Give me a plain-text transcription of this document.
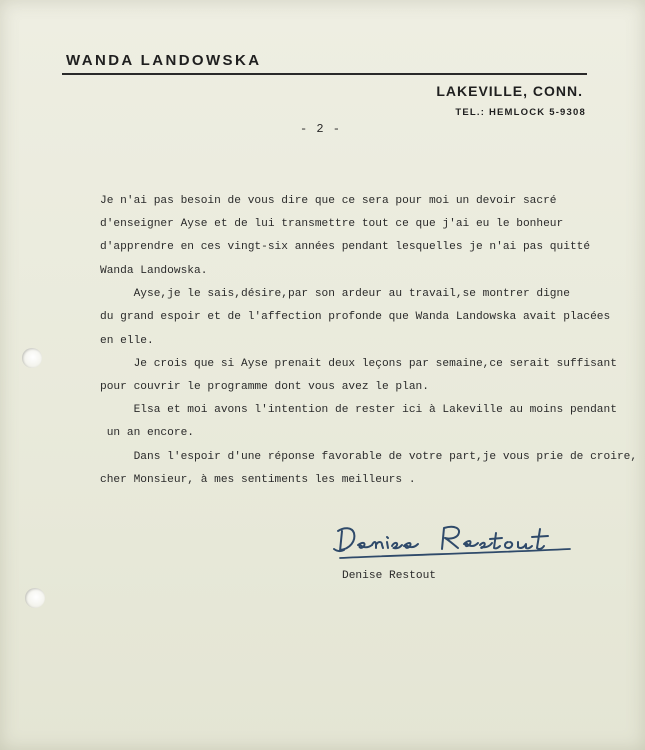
WANDA LANDOWSKA
LAKEVILLE, CONN.
TEL.: HEMLOCK 5-9308
- 2 -
Je n'ai pas besoin de vous dire que ce sera pour moi un devoir sacré
d'enseigner Ayse et de lui transmettre tout ce que j'ai eu le bonheur
d'apprendre en ces vingt-six années pendant lesquelles je n'ai pas quitté
Wanda Landowska.
Ayse,je le sais,désire,par son ardeur au travail,se montrer digne
du grand espoir et de l'affection profonde que Wanda Landowska avait placées
en elle.
Je crois que si Ayse prenait deux leçons par semaine,ce serait suffisant
pour couvrir le programme dont vous avez le plan.
Elsa et moi avons l'intention de rester ici à Lakeville au moins pendant
un an encore.
Dans l'espoir d'une réponse favorable de votre part,je vous prie de croire,
cher Monsieur, à mes sentiments les meilleurs .
Denise Restout
